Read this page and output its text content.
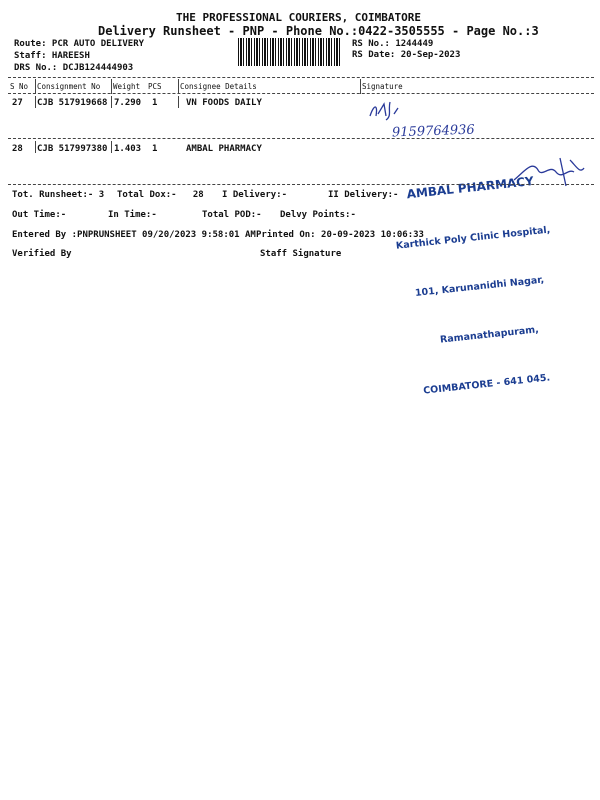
THE PROFESSIONAL COURIERS, COIMBATORE
Delivery Runsheet - PNP - Phone No.:0422-3505555 - Page No.:3
Route: PCR AUTO DELIVERY
Staff: HAREESH
DRS No.: DCJB124444903
RS No.: 1244449
RS Date: 20-Sep-2023
S No Consignment No Weight PCS Consignee Details	Signature
27 CJB 517919668 7.290 1	VN FOODS DAILY
9159764936
28 CJB 517997380 1.403 1	AMBAL PHARMACY

AMBAL PHARMACY

Karthick Poly Clinic Hospital,

101, Karunanidhi Nagar,

Ramanathapuram,

COIMBATORE - 641 045.

Tot. Runsheet:- 3 Total Dox:-   28 I Delivery:-	II Delivery:-
Out Time:-	In Time:-	Total POD:- Delvy Points:-
Entered By :PNPRUNSHEET 09/20/2023 9:58:01 AM Printed On: 20-09-2023 10:06:33
Verified By	Staff Signature
